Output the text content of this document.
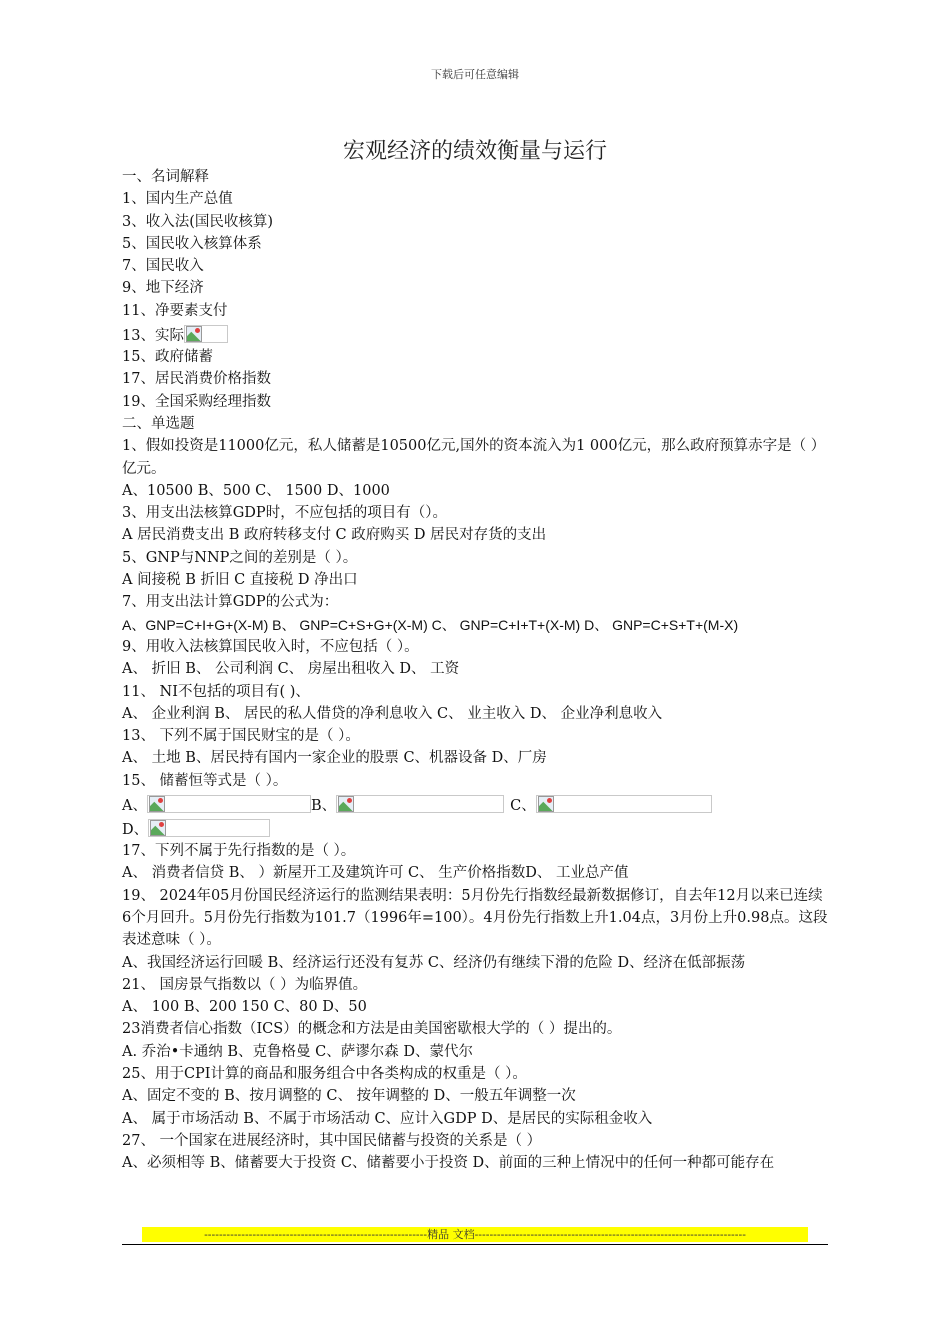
下载后可任意编辑
宏观经济的绩效衡量与运行
一、名词解释
1、国内生产总值
3、收入法(国民收核算)
5、国民收入核算体系
7、国民收入
9、地下经济
11、净要素支付
13、实际
15、政府储蓄
17、居民消费价格指数
19、全国采购经理指数
二、单选题
1、假如投资是11000亿元，私人储蓄是10500亿元,国外的资本流入为1 000亿元，那么政府预算赤字是（ ）亿元。
A、10500 B、500 C、 1500 D、1000
3、用支出法核算GDP时，不应包括的项目有（）。
A 居民消费支出 B 政府转移支付 C 政府购买 D 居民对存货的支出
5、GNP与NNP之间的差别是（ ）。
A 间接税 B 折旧 C 直接税 D 净出口
7、用支出法计算GDP的公式为：
A、GNP=C+I+G+(X-M) B、 GNP=C+S+G+(X-M) C、 GNP=C+I+T+(X-M) D、 GNP=C+S+T+(M-X)
9、用收入法核算国民收入时，不应包括（ ）。
A、 折旧 B、 公司利润 C、 房屋出租收入 D、 工资
11、 NI不包括的项目有( )、
A、 企业利润 B、 居民的私人借贷的净利息收入 C、 业主收入 D、 企业净利息收入
13、 下列不属于国民财宝的是（ ）。
A、 土地 B、居民持有国内一家企业的股票 C、机器设备 D、厂房
15、 储蓄恒等式是（ ）。
A、	B、	C、
D、
17、下列不属于先行指数的是（ ）。
A、 消费者信贷 B、 ）新屋开工及建筑许可 C、 生产价格指数D、 工业总产值
19、 2024年05月份国民经济运行的监测结果表明：5月份先行指数经最新数据修订，自去年12月以来已连续6个月回升。5月份先行指数为101.7（1996年=100）。4月份先行指数上升1.04点，3月份上升0.98点。这段表述意味（ ）。
A、我国经济运行回暖 B、经济运行还没有复苏 C、经济仍有继续下滑的危险 D、经济在低部振荡
21、 国房景气指数以（ ）为临界值。
A、 100 B、200 150 C、80 D、50
23消费者信心指数（ICS）的概念和方法是由美国密歇根大学的（ ）提出的。
A. 乔治•卡通纳 B、克鲁格曼 C、萨谬尔森 D、蒙代尔
25、用于CPI计算的商品和服务组合中各类构成的权重是（ ）。
A、固定不变的 B、按月调整的 C、 按年调整的 D、一般五年调整一次
A、 属于市场活动 B、不属于市场活动 C、应计入GDP D、是居民的实际租金收入
27、 一个国家在进展经济时，其中国民储蓄与投资的关系是（ ）
A、必须相等 B、储蓄要大于投资 C、储蓄要小于投资 D、前面的三种上情况中的任何一种都可能存在
------------------------------------------------------------精品 文档-------------------------------------------------------------------------
